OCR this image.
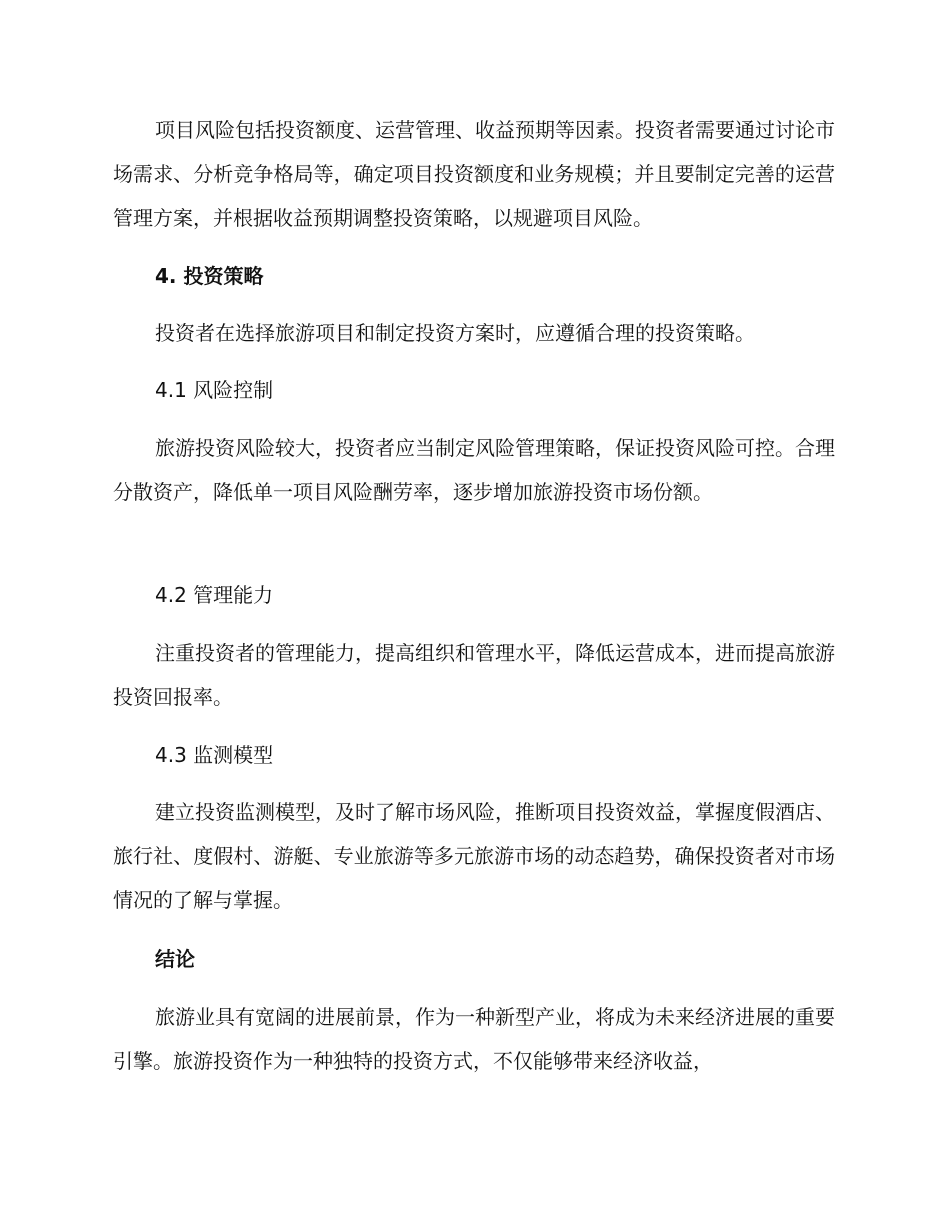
项目风险包括投资额度、运营管理、收益预期等因素。投资者需要通过讨论市场需求、分析竞争格局等，确定项目投资额度和业务规模；并且要制定完善的运营管理方案，并根据收益预期调整投资策略，以规避项目风险。

4. 投资策略

投资者在选择旅游项目和制定投资方案时，应遵循合理的投资策略。

4.1 风险控制

旅游投资风险较大，投资者应当制定风险管理策略，保证投资风险可控。合理分散资产，降低单一项目风险酬劳率，逐步增加旅游投资市场份额。

4.2 管理能力

注重投资者的管理能力，提高组织和管理水平，降低运营成本，进而提高旅游投资回报率。

4.3 监测模型

建立投资监测模型，及时了解市场风险，推断项目投资效益，掌握度假酒店、旅行社、度假村、游艇、专业旅游等多元旅游市场的动态趋势，确保投资者对市场情况的了解与掌握。

结论

旅游业具有宽阔的进展前景，作为一种新型产业，将成为未来经济进展的重要引擎。旅游投资作为一种独特的投资方式，不仅能够带来经济收益，
